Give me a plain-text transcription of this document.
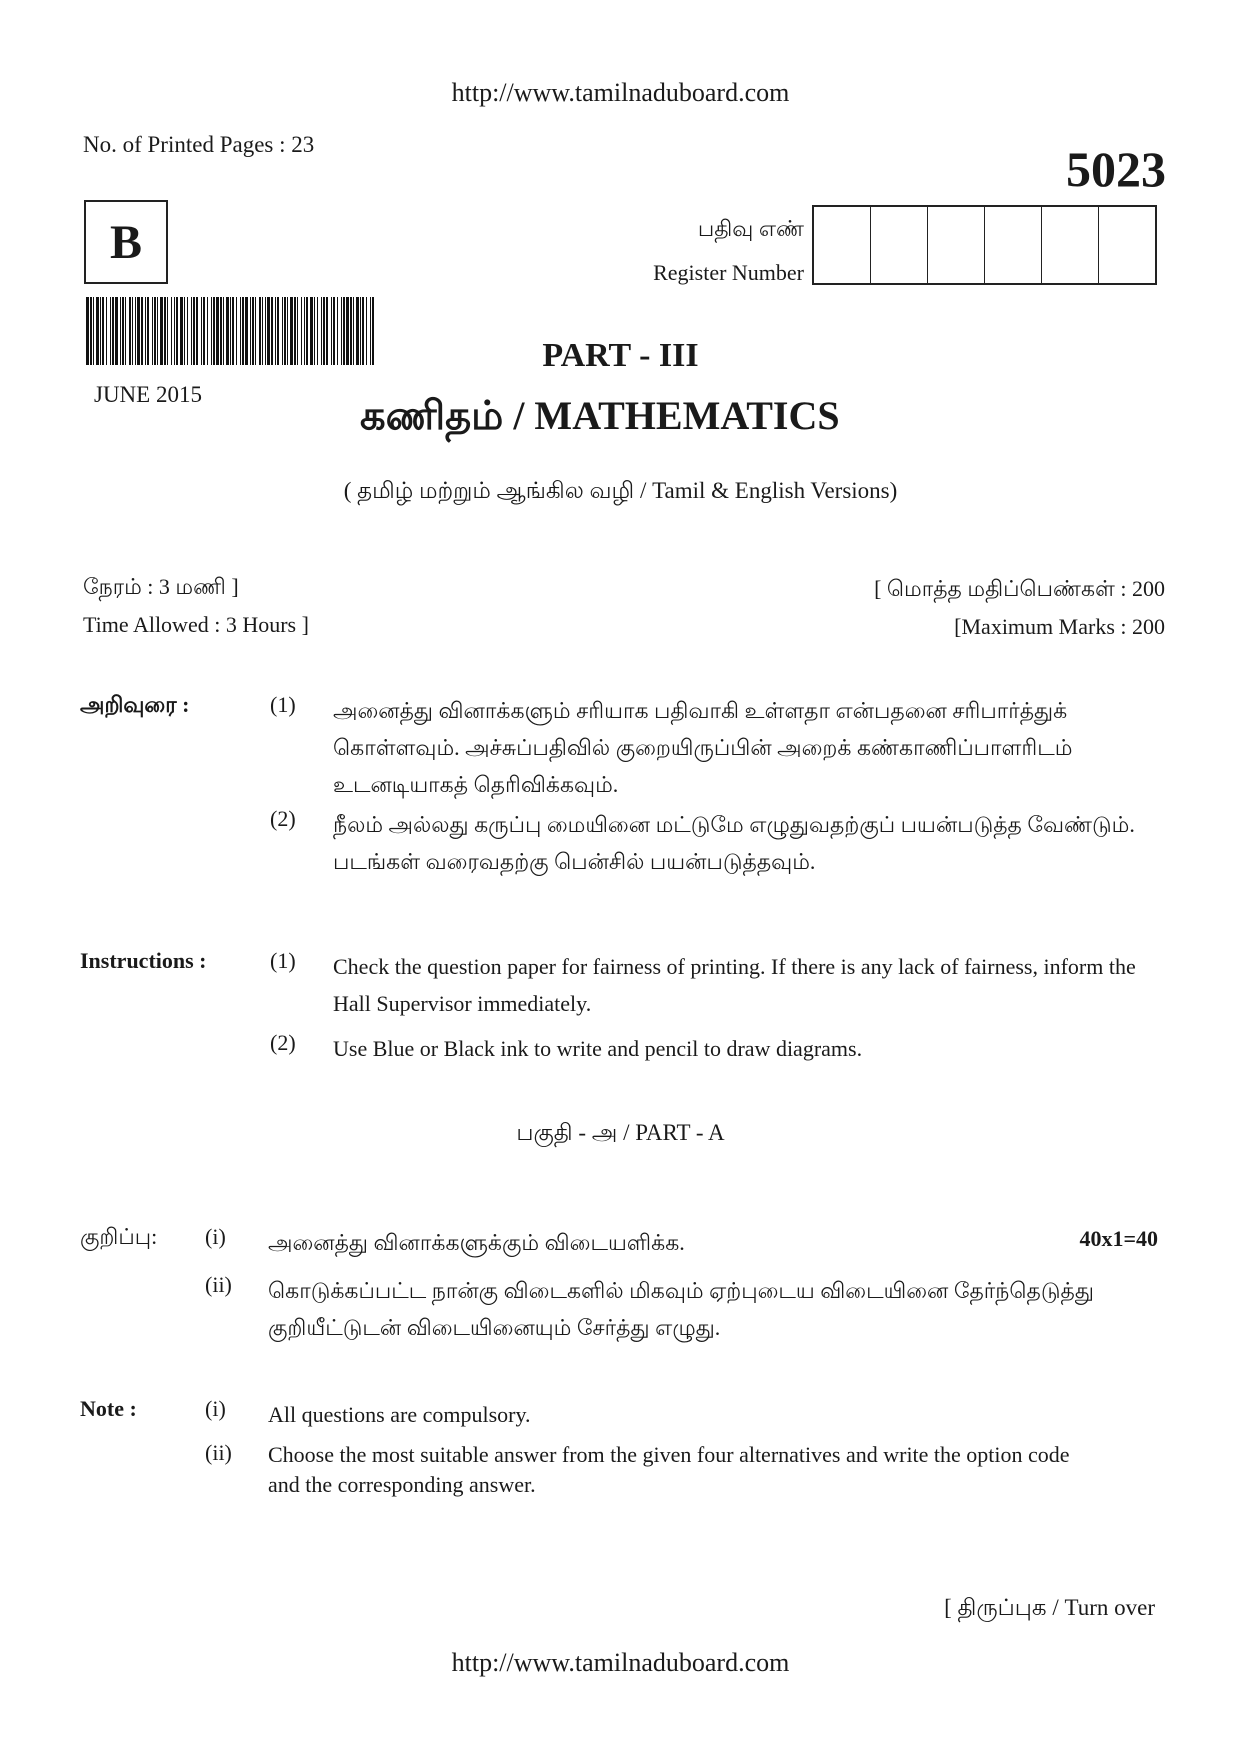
http://www.tamilnaduboard.com
No. of Printed Pages : 23	5023
B	பதிவு எண்
Register Number
JUNE 2015
PART - III
கணிதம் / MATHEMATICS
( தமிழ் மற்றும் ஆங்கில வழி / Tamil & English Versions)
நேரம் : 3 மணி ]
Time Allowed : 3 Hours ]
[ மொத்த மதிப்பெண்கள் : 200
[Maximum Marks : 200
அறிவுரை :	(1) அனைத்து வினாக்களும் சரியாக பதிவாகி உள்ளதா என்பதனை சரிபார்த்துக் கொள்ளவும். அச்சுப்பதிவில் குறையிருப்பின் அறைக் கண்காணிப்பாளரிடம் உடனடியாகத் தெரிவிக்கவும்.
(2) நீலம் அல்லது கருப்பு மையினை மட்டுமே எழுதுவதற்குப் பயன்படுத்த வேண்டும். படங்கள் வரைவதற்கு பென்சில் பயன்படுத்தவும்.
Instructions :	(1) Check the question paper for fairness of printing. If there is any lack of fairness, inform the Hall Supervisor immediately.
(2) Use Blue or Black ink to write and pencil to draw diagrams.
பகுதி - அ / PART - A
குறிப்பு: (i) அனைத்து வினாக்களுக்கும் விடையளிக்க.	40x1=40
(ii) கொடுக்கப்பட்ட நான்கு விடைகளில் மிகவும் ஏற்புடைய விடையினை தேர்ந்தெடுத்து குறியீட்டுடன் விடையினையும் சேர்த்து எழுது.
Note :	(i) All questions are compulsory.
(ii) Choose the most suitable answer from the given four alternatives and write the option code and the corresponding answer.
[ திருப்புக / Turn over
http://www.tamilnaduboard.com
